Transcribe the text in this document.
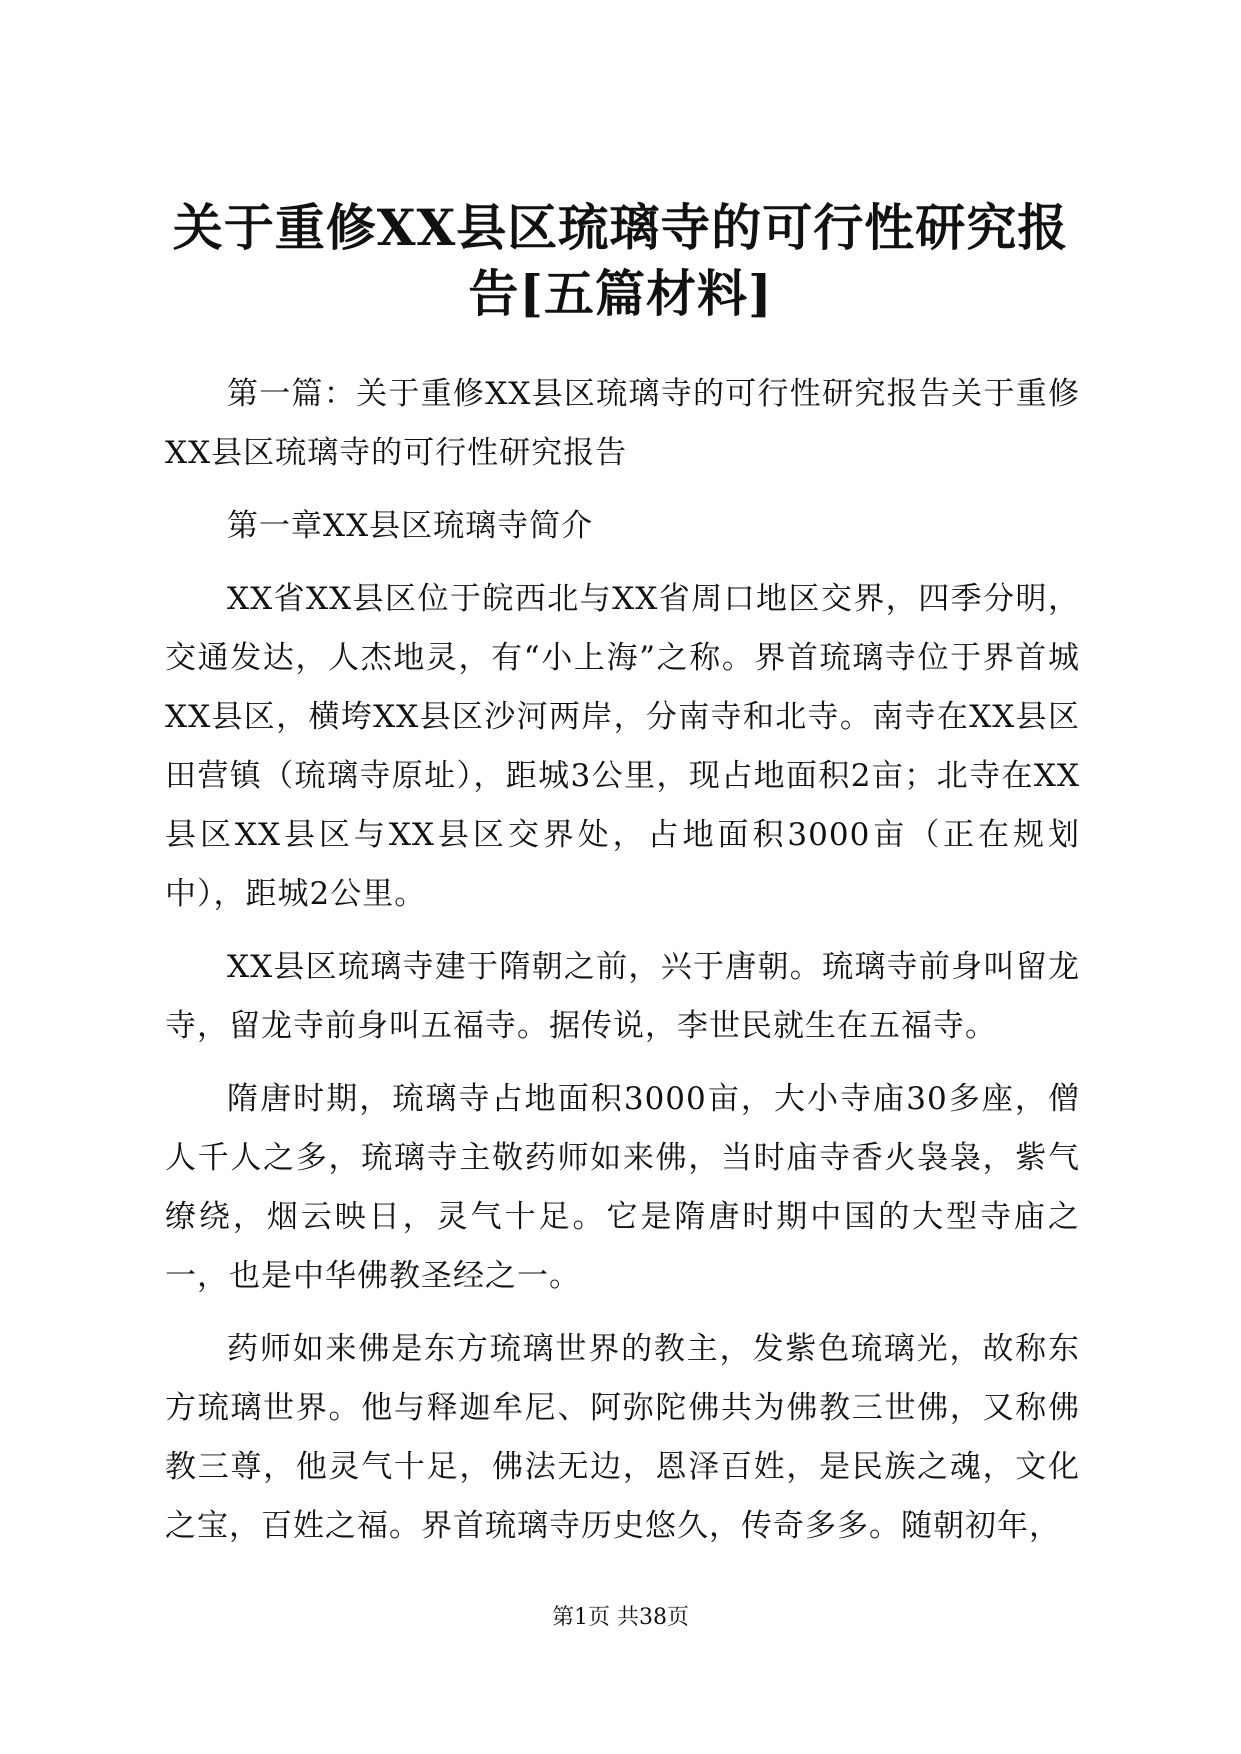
关于重修XX县区琉璃寺的可行性研究报告[五篇材料]

第一篇：关于重修XX县区琉璃寺的可行性研究报告关于重修XX县区琉璃寺的可行性研究报告

第一章XX县区琉璃寺简介

XX省XX县区位于皖西北与XX省周口地区交界，四季分明，交通发达，人杰地灵，有“小上海”之称。界首琉璃寺位于界首城XX县区，横垮XX县区沙河两岸，分南寺和北寺。南寺在XX县区田营镇（琉璃寺原址），距城3公里，现占地面积2亩；北寺在XX县区XX县区与XX县区交界处，占地面积3000亩（正在规划中），距城2公里。

XX县区琉璃寺建于隋朝之前，兴于唐朝。琉璃寺前身叫留龙寺，留龙寺前身叫五福寺。据传说，李世民就生在五福寺。

隋唐时期，琉璃寺占地面积3000亩，大小寺庙30多座，僧人千人之多，琉璃寺主敬药师如来佛，当时庙寺香火袅袅，紫气缭绕，烟云映日，灵气十足。它是隋唐时期中国的大型寺庙之一，也是中华佛教圣经之一。

药师如来佛是东方琉璃世界的教主，发紫色琉璃光，故称东方琉璃世界。他与释迦牟尼、阿弥陀佛共为佛教三世佛，又称佛教三尊，他灵气十足，佛法无边，恩泽百姓，是民族之魂，文化之宝，百姓之福。界首琉璃寺历史悠久，传奇多多。随朝初年，

第1页 共38页
